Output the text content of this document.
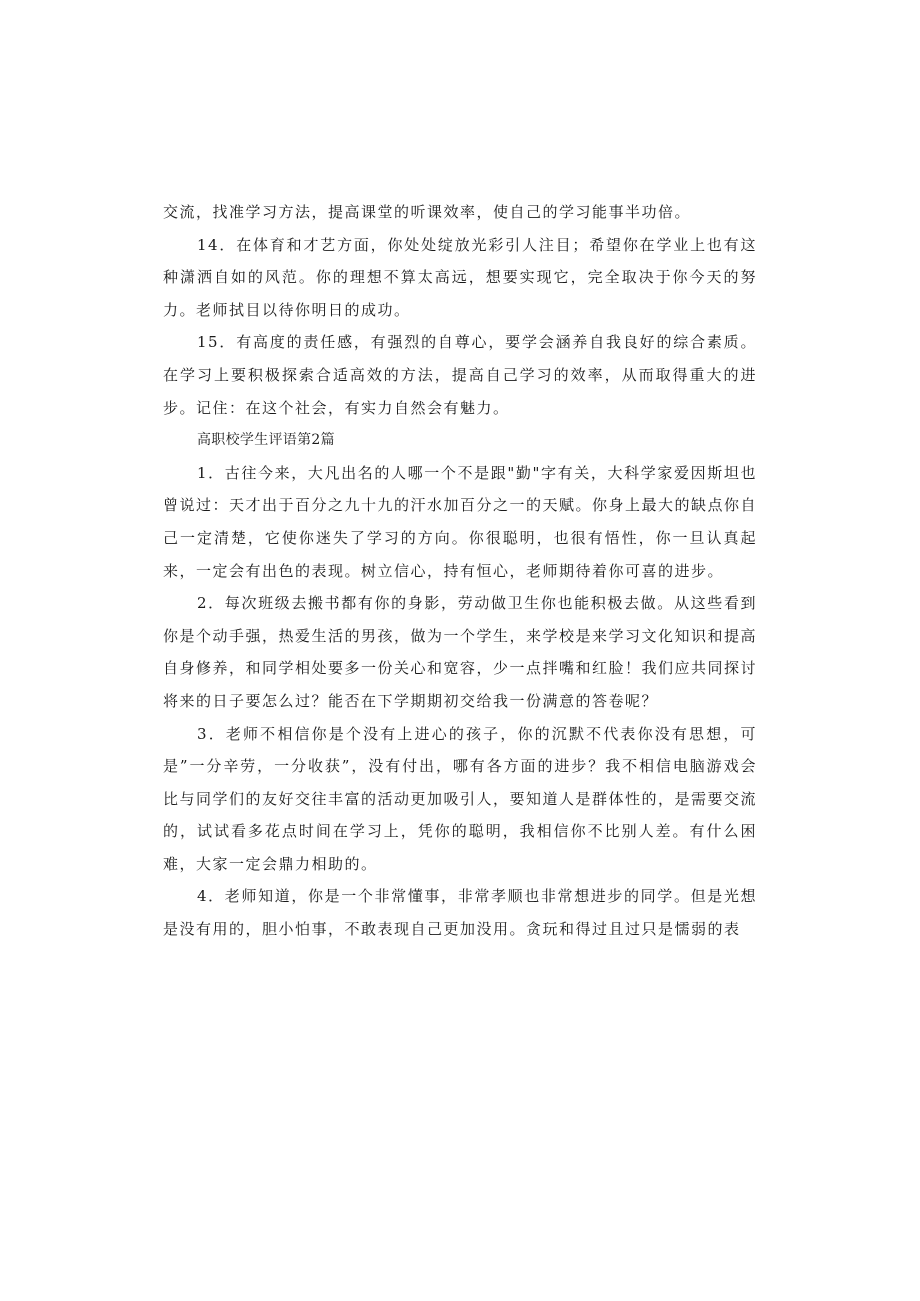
交流，找准学习方法，提高课堂的听课效率，使自己的学习能事半功倍。

14．在体育和才艺方面，你处处绽放光彩引人注目；希望你在学业上也有这种潇洒自如的风范。你的理想不算太高远，想要实现它，完全取决于你今天的努力。老师拭目以待你明日的成功。

15．有高度的责任感，有强烈的自尊心，要学会涵养自我良好的综合素质。在学习上要积极探索合适高效的方法，提高自己学习的效率，从而取得重大的进步。记住：在这个社会，有实力自然会有魅力。

高职校学生评语第2篇

1．古往今来，大凡出名的人哪一个不是跟"勤"字有关，大科学家爱因斯坦也曾说过：天才出于百分之九十九的汗水加百分之一的天赋。你身上最大的缺点你自己一定清楚，它使你迷失了学习的方向。你很聪明，也很有悟性，你一旦认真起来，一定会有出色的表现。树立信心，持有恒心，老师期待着你可喜的进步。

2．每次班级去搬书都有你的身影，劳动做卫生你也能积极去做。从这些看到你是个动手强，热爱生活的男孩，做为一个学生，来学校是来学习文化知识和提高自身修养，和同学相处要多一份关心和宽容，少一点拌嘴和红脸！我们应共同探讨将来的日子要怎么过？能否在下学期期初交给我一份满意的答卷呢？

3．老师不相信你是个没有上进心的孩子，你的沉默不代表你没有思想，可是”一分辛劳，一分收获”，没有付出，哪有各方面的进步？我不相信电脑游戏会比与同学们的友好交往丰富的活动更加吸引人，要知道人是群体性的，是需要交流的，试试看多花点时间在学习上，凭你的聪明，我相信你不比别人差。有什么困难，大家一定会鼎力相助的。

4．老师知道，你是一个非常懂事，非常孝顺也非常想进步的同学。但是光想是没有用的，胆小怕事，不敢表现自己更加没用。贪玩和得过且过只是懦弱的表
